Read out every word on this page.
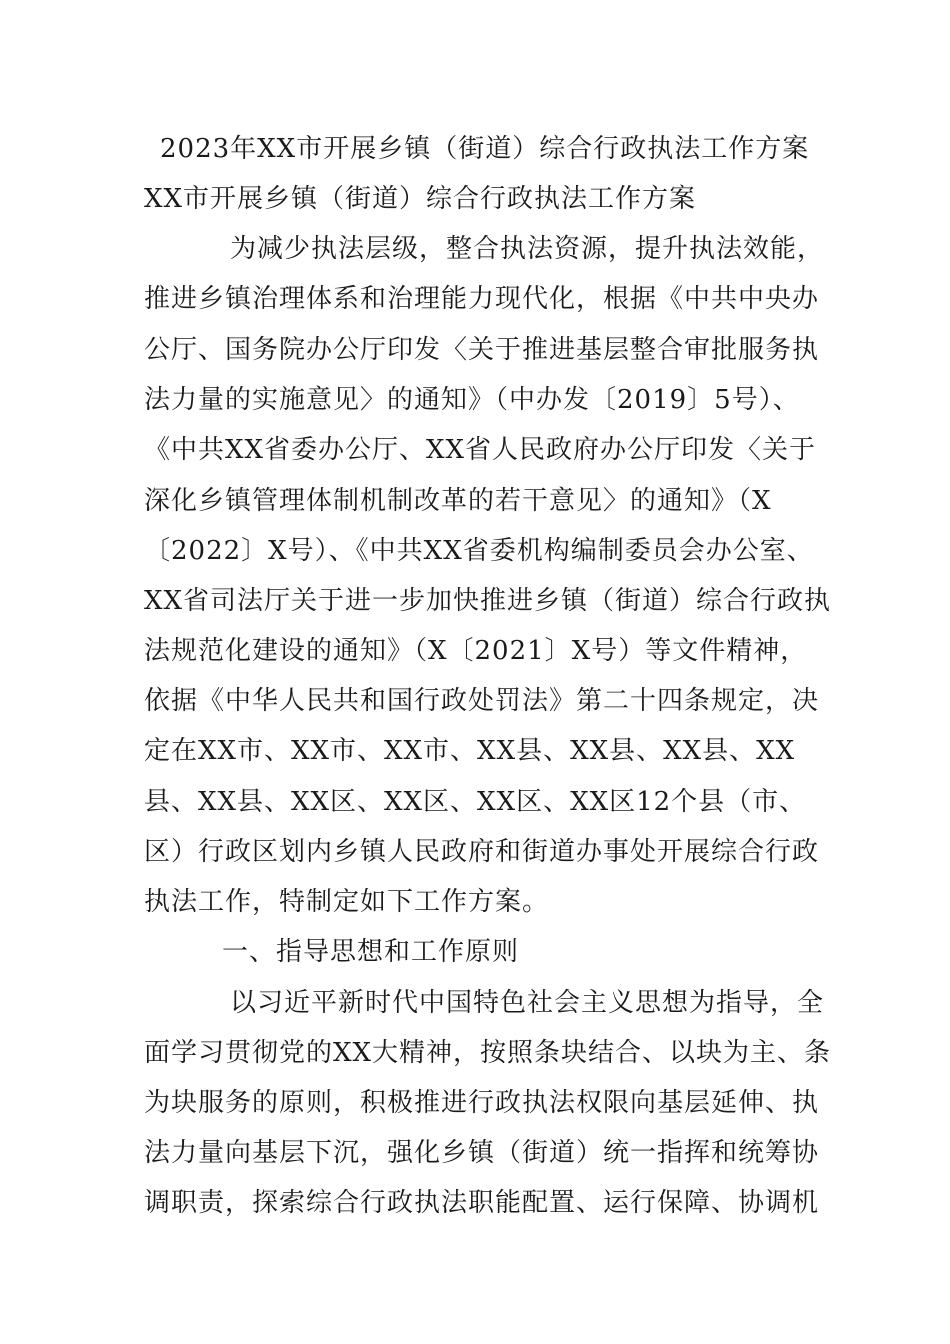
2023年XX市开展乡镇（街道）综合行政执法工作方案
XX市开展乡镇（街道）综合行政执法工作方案
为减少执法层级，整合执法资源，提升执法效能，
推进乡镇治理体系和治理能力现代化，根据《中共中央办
公厅、国务院办公厅印发〈关于推进基层整合审批服务执
法力量的实施意见〉的通知》（中办发〔2019〕5号）、
《中共XX省委办公厅、XX省人民政府办公厅印发〈关于
深化乡镇管理体制机制改革的若干意见〉的通知》（X
〔2022〕X号）、《中共XX省委机构编制委员会办公室、
XX省司法厅关于进一步加快推进乡镇（街道）综合行政执
法规范化建设的通知》（X〔2021〕X号）等文件精神，
依据《中华人民共和国行政处罚法》第二十四条规定，决
定在XX市、XX市、XX市、XX县、XX县、XX县、XX
县、XX县、XX区、XX区、XX区、XX区12个县（市、
区）行政区划内乡镇人民政府和街道办事处开展综合行政
执法工作，特制定如下工作方案。
一、指导思想和工作原则
以习近平新时代中国特色社会主义思想为指导，全
面学习贯彻党的XX大精神，按照条块结合、以块为主、条
为块服务的原则，积极推进行政执法权限向基层延伸、执
法力量向基层下沉，强化乡镇（街道）统一指挥和统筹协
调职责，探索综合行政执法职能配置、运行保障、协调机
